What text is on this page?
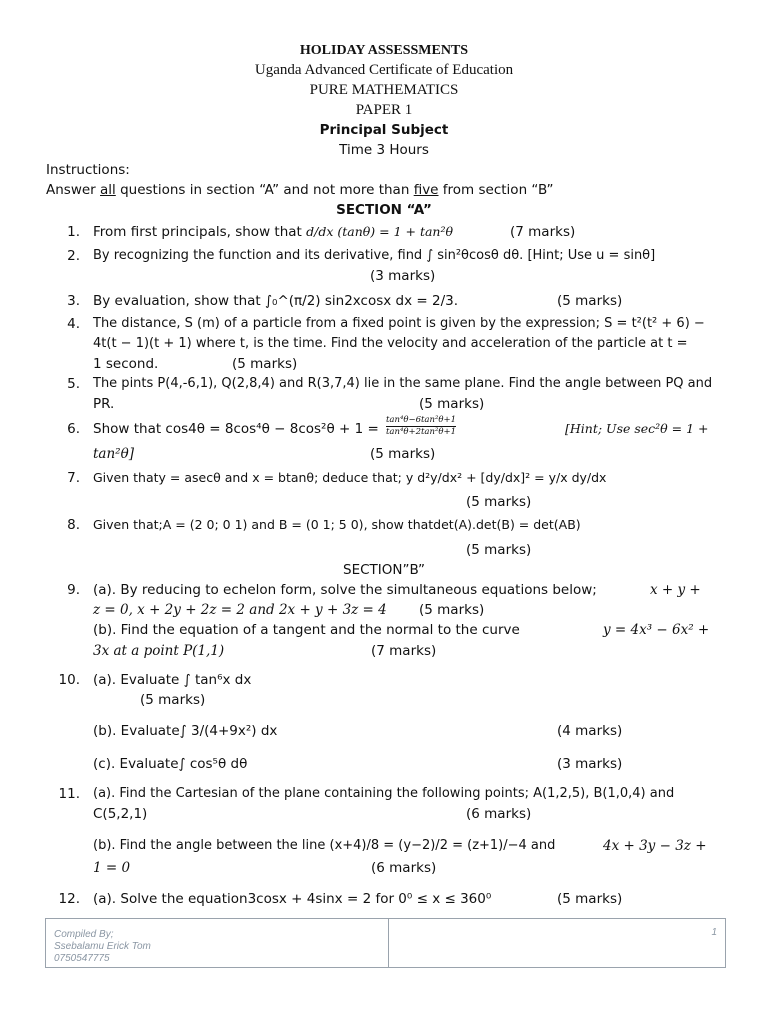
HOLIDAY ASSESSMENTS
Uganda Advanced Certificate of Education
PURE MATHEMATICS
PAPER 1
Principal Subject
Time 3 Hours
Instructions:
Answer all questions in section “A” and not more than five from section “B”
SECTION “A”
1. From first principals, show that d/dx (tanθ) = 1 + tan²θ	(7 marks)
2. By recognizing the function and its derivative, find ∫ sin²θcosθ dθ. [Hint; Use u = sinθ]
(3 marks)
3. By evaluation, show that ∫₀^(π/2) sin2xcosx dx = 2/3.	(5 marks)
4. The distance, S (m) of a particle from a fixed point is given by the expression; S = t²(t² + 6) −
4t(t − 1)(t + 1) where t, is the time. Find the velocity and acceleration of the particle at t =
1 second.	(5 marks)
5. The pints P(4,-6,1), Q(2,8,4) and R(3,7,4) lie in the same plane. Find the angle between PQ and
PR.	(5 marks)
6. Show that cos4θ = 8cos⁴θ − 8cos²θ + 1 =
tan⁴θ−6tan²θ+1
tan⁴θ+2tan²θ+1	[Hint; Use sec²θ = 1 +
tan²θ]	(5 marks)
7. Given thaty = asecθ and x = btanθ; deduce that; y d²y/dx² + [dy/dx]² = y/x dy/dx
(5 marks)
8. Given that;A = (2 0; 0 1) and B = (0 1; 5 0), show thatdet(A).det(B) = det(AB)
(5 marks)
SECTION”B”
9. (a). By reducing to echelon form, solve the simultaneous equations below;	x + y +
z = 0, x + 2y + 2z = 2 and 2x + y + 3z = 4 (5 marks)
(b). Find the equation of a tangent and the normal to the curve	y = 4x³ − 6x² +
3x at a point P(1,1)	(7 marks)
10. (a). Evaluate ∫ tan⁶x dx
(5 marks)
(b). Evaluate∫ 3/(4+9x²) dx	(4 marks)
(c). Evaluate∫ cos⁵θ dθ	(3 marks)
11. (a). Find the Cartesian of the plane containing the following points; A(1,2,5), B(1,0,4) and
C(5,2,1)	(6 marks)
(b). Find the angle between the line (x+4)/8 = (y−2)/2 = (z+1)/−4 and	4x + 3y − 3z +
1 = 0	(6 marks)
12. (a). Solve the equation3cosx + 4sinx = 2 for 0⁰ ≤ x ≤ 360⁰	(5 marks)
Compiled By;
Ssebalamu Erick Tom
0750547775
1
